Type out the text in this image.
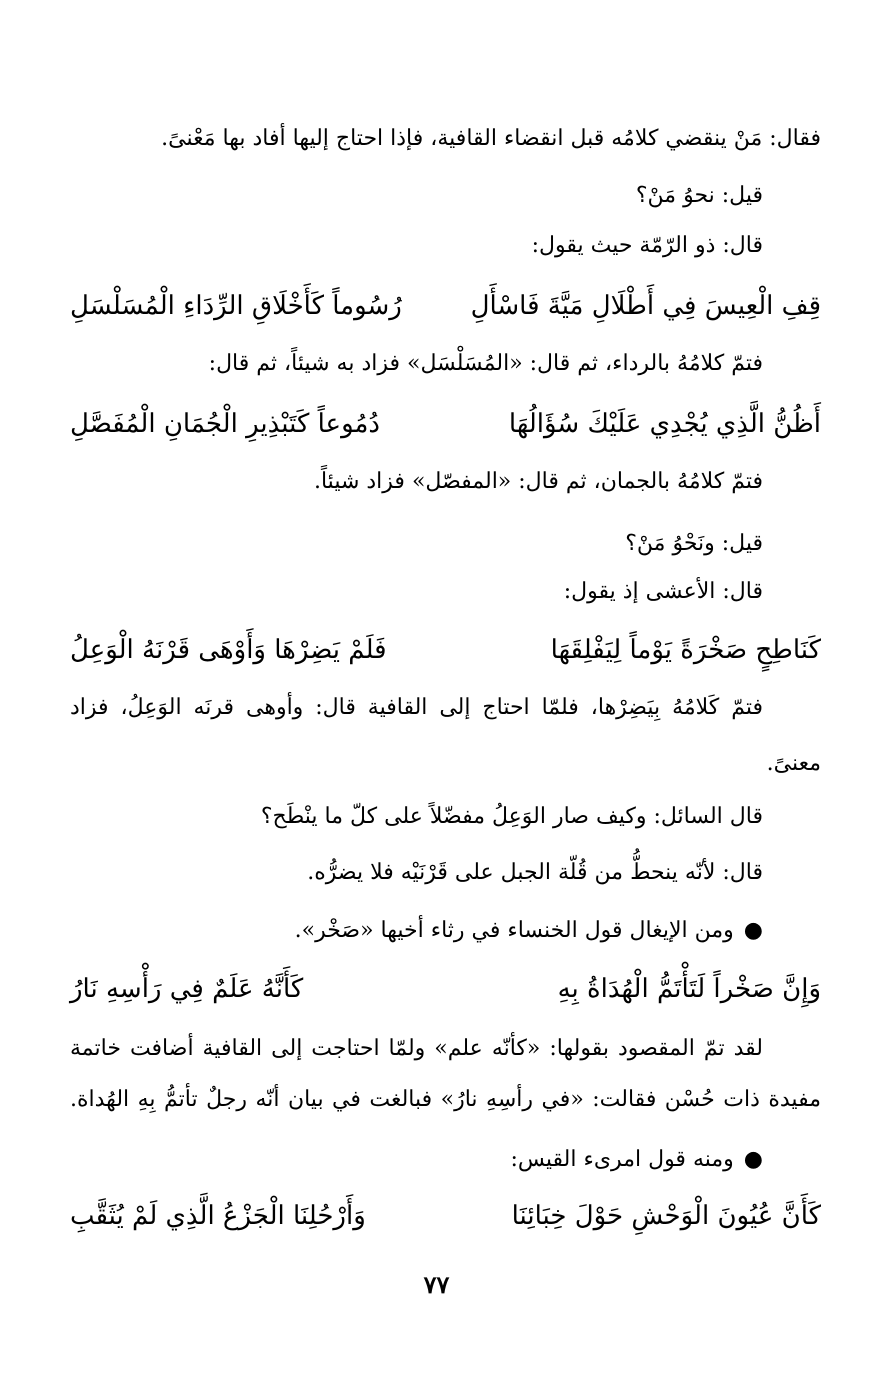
فقال: مَنْ ينقضي كلامُه قبل انقضاء القافية، فإذا احتاج إليها أفاد بها مَعْنىً.
قيل: نحوُ مَنْ؟
قال: ذو الرّمّة حيث يقول:
قِفِ الْعِيسَ فِي أَطْلَالِ مَيَّةَ فَاسْأَلِ
رُسُوماً كَأَخْلَاقِ الرِّدَاءِ الْمُسَلْسَلِ
فتمّ كلامُهُ بالرداء، ثم قال: «المُسَلْسَل» فزاد به شيئاً، ثم قال:
أَظُنُّ الَّذِي يُجْدِي عَلَيْكَ سُؤَالُهَا
دُمُوعاً كَتَبْذِيرِ الْجُمَانِ الْمُفَصَّلِ
فتمّ كلامُهُ بالجمان، ثم قال: «المفصّل» فزاد شيئاً.
قيل: ونَحْوُ مَنْ؟
قال: الأعشى إذ يقول:
كَنَاطِحٍ صَخْرَةً يَوْماً لِيَفْلِقَهَا
فَلَمْ يَضِرْهَا وَأَوْهَى قَرْنَهُ الْوَعِلُ
فتمّ كَلامُهُ بِيَضِرْها، فلمّا احتاج إلى القافية قال: وأوهى قرنَه الوَعِلُ، فزاد
معنىً.
قال السائل: وكيف صار الوَعِلُ مفضّلاً على كلّ ما ينْطَح؟
قال: لأنّه ينحطُّ من قُلّة الجبل على قَرْنَيْه فلا يضرُّه.
●ومن الإيغال قول الخنساء في رثاء أخيها «صَخْر».
وَإِنَّ صَخْراً لَتَأْتَمُّ الْهُدَاةُ بِهِ
كَأَنَّهُ عَلَمٌ فِي رَأْسِهِ نَارُ
لقد تمّ المقصود بقولها: «كأنّه علم» ولمّا احتاجت إلى القافية أضافت خاتمة
مفيدة ذات حُسْن فقالت: «في رأسِهِ نارُ» فبالغت في بيان أنّه رجلٌ تأتمُّ بِهِ الهُداة.
●ومنه قول امرىء القيس:
كَأَنَّ عُيُونَ الْوَحْشِ حَوْلَ خِبَائِنَا
وَأَرْحُلِنَا الْجَزْعُ الَّذِي لَمْ يُثَقَّبِ
٧٧
